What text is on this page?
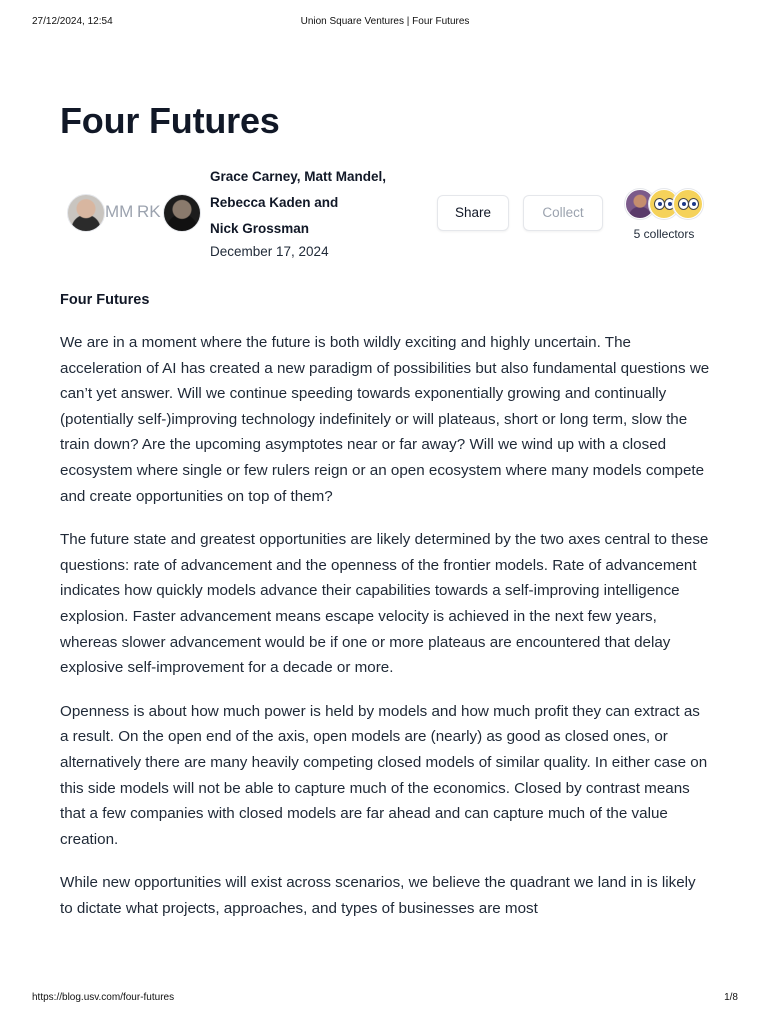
27/12/2024, 12:54	Union Square Ventures | Four Futures
Four Futures
MM RK
Grace Carney, Matt Mandel,
Rebecca Kaden and
Nick Grossman
December 17, 2024
Share	Collect
5 collectors
Four Futures

We are in a moment where the future is both wildly exciting and highly uncertain. The acceleration of AI has created a new paradigm of possibilities but also fundamental questions we can’t yet answer. Will we continue speeding towards exponentially growing and continually (potentially self-)improving technology indefinitely or will plateaus, short or long term, slow the train down? Are the upcoming asymptotes near or far away? Will we wind up with a closed ecosystem where single or few rulers reign or an open ecosystem where many models compete and create opportunities on top of them?

The future state and greatest opportunities are likely determined by the two axes central to these questions: rate of advancement and the openness of the frontier models. Rate of advancement indicates how quickly models advance their capabilities towards a self-improving intelligence explosion. Faster advancement means escape velocity is achieved in the next few years, whereas slower advancement would be if one or more plateaus are encountered that delay explosive self-improvement for a decade or more.

Openness is about how much power is held by models and how much profit they can extract as a result. On the open end of the axis, open models are (nearly) as good as closed ones, or alternatively there are many heavily competing closed models of similar quality. In either case on this side models will not be able to capture much of the economics. Closed by contrast means that a few companies with closed models are far ahead and can capture much of the value creation.

While new opportunities will exist across scenarios, we believe the quadrant we land in is likely to dictate what projects, approaches, and types of businesses are most

https://blog.usv.com/four-futures	1/8
